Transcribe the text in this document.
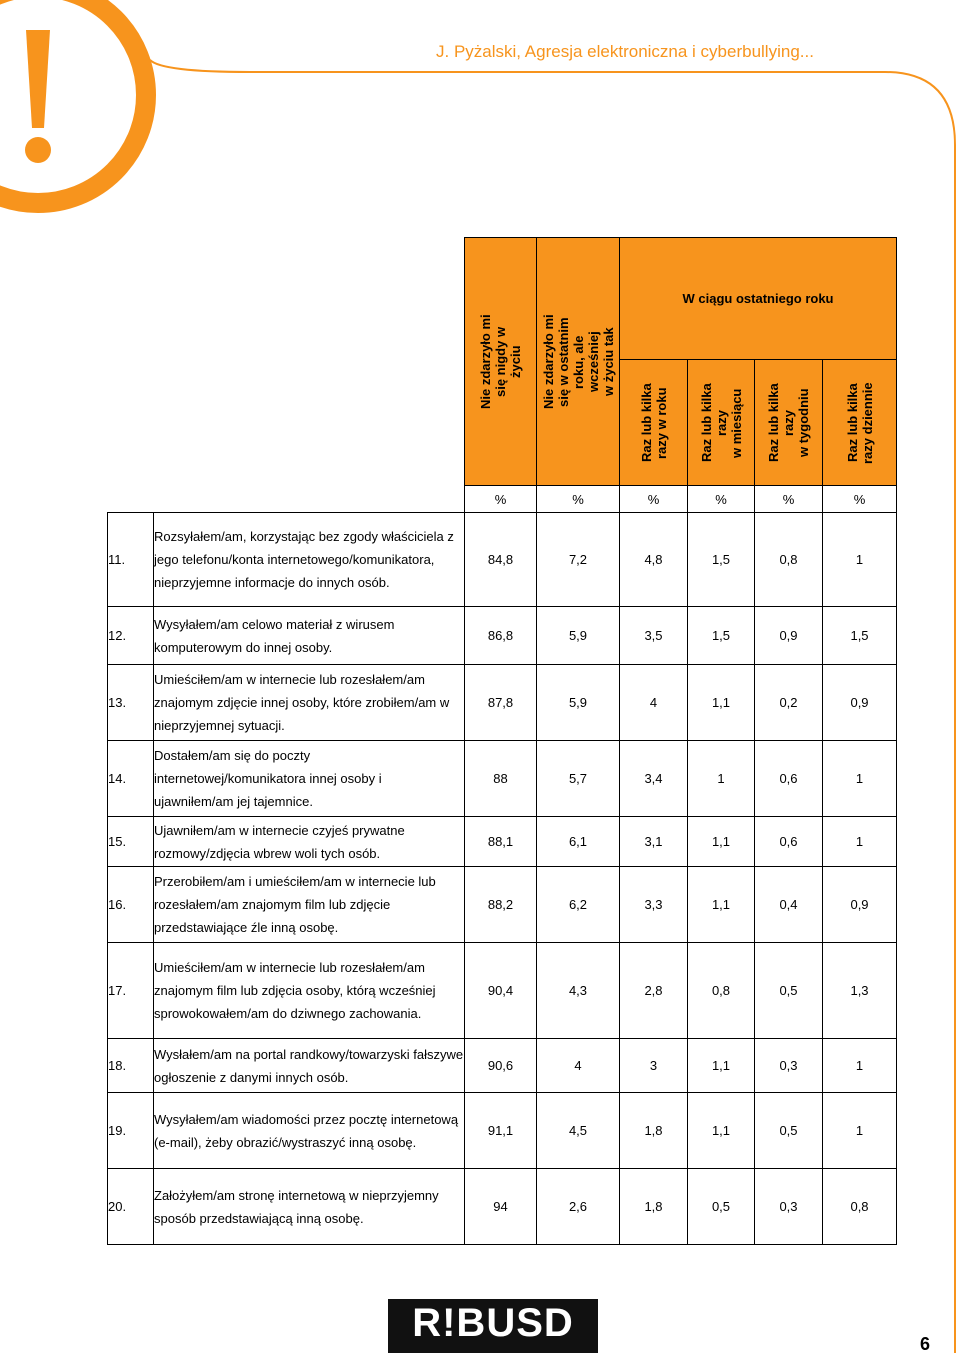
J. Pyżalski, Agresja elektroniczna i cyberbullying...

Nie zdarzyło mi
się nigdy w
życiu	Nie zdarzyło mi
się w ostatnim
roku, ale
wcześniej
w życiu tak	W ciągu ostatniego roku			

Raz lub kilka
razy w roku	Raz lub kilka
razy
w miesiącu	Raz lub kilka
razy
w tygodniu	Raz lub kilka
razy dziennie

		%	%	%	%	%	%
11.	Rozsyłałem/am, korzystając bez zgody właściciela z jego telefonu/konta internetowego/komunikatora, nieprzyjemne informacje do innych osób.	84,8	7,2	4,8	1,5	0,8	1
12.	Wysyłałem/am celowo materiał z wirusem komputerowym do innej osoby.	86,8	5,9	3,5	1,5	0,9	1,5
13.	Umieściłem/am w internecie lub rozesłałem/am znajomym zdjęcie innej osoby, które zrobiłem/am w nieprzyjemnej sytuacji.	87,8	5,9	4	1,1	0,2	0,9
14.	Dostałem/am się do poczty internetowej/komunikatora innej osoby i ujawniłem/am jej tajemnice.	88	5,7	3,4	1	0,6	1
15.	Ujawniłem/am w internecie czyjeś prywatne rozmowy/zdjęcia wbrew woli tych osób.	88,1	6,1	3,1	1,1	0,6	1
16.	Przerobiłem/am i umieściłem/am w internecie lub rozesłałem/am znajomym film lub zdjęcie przedstawiające źle inną osobę.	88,2	6,2	3,3	1,1	0,4	0,9
17.	Umieściłem/am w internecie lub rozesłałem/am znajomym film lub zdjęcia osoby, którą wcześniej sprowokowałem/am do dziwnego zachowania.	90,4	4,3	2,8	0,8	0,5	1,3
18.	Wysłałem/am na portal randkowy/towarzyski fałszywe ogłoszenie z danymi innych osób.	90,6	4	3	1,1	0,3	1
19.	Wysyłałem/am wiadomości przez pocztę internetową (e-mail), żeby obrazić/wystraszyć inną osobę.	91,1	4,5	1,8	1,1	0,5	1
20.	Założyłem/am stronę internetową w nieprzyjemny sposób przedstawiającą inną osobę.	94	2,6	1,8	0,5	0,3	0,8
R!BUSD	6
